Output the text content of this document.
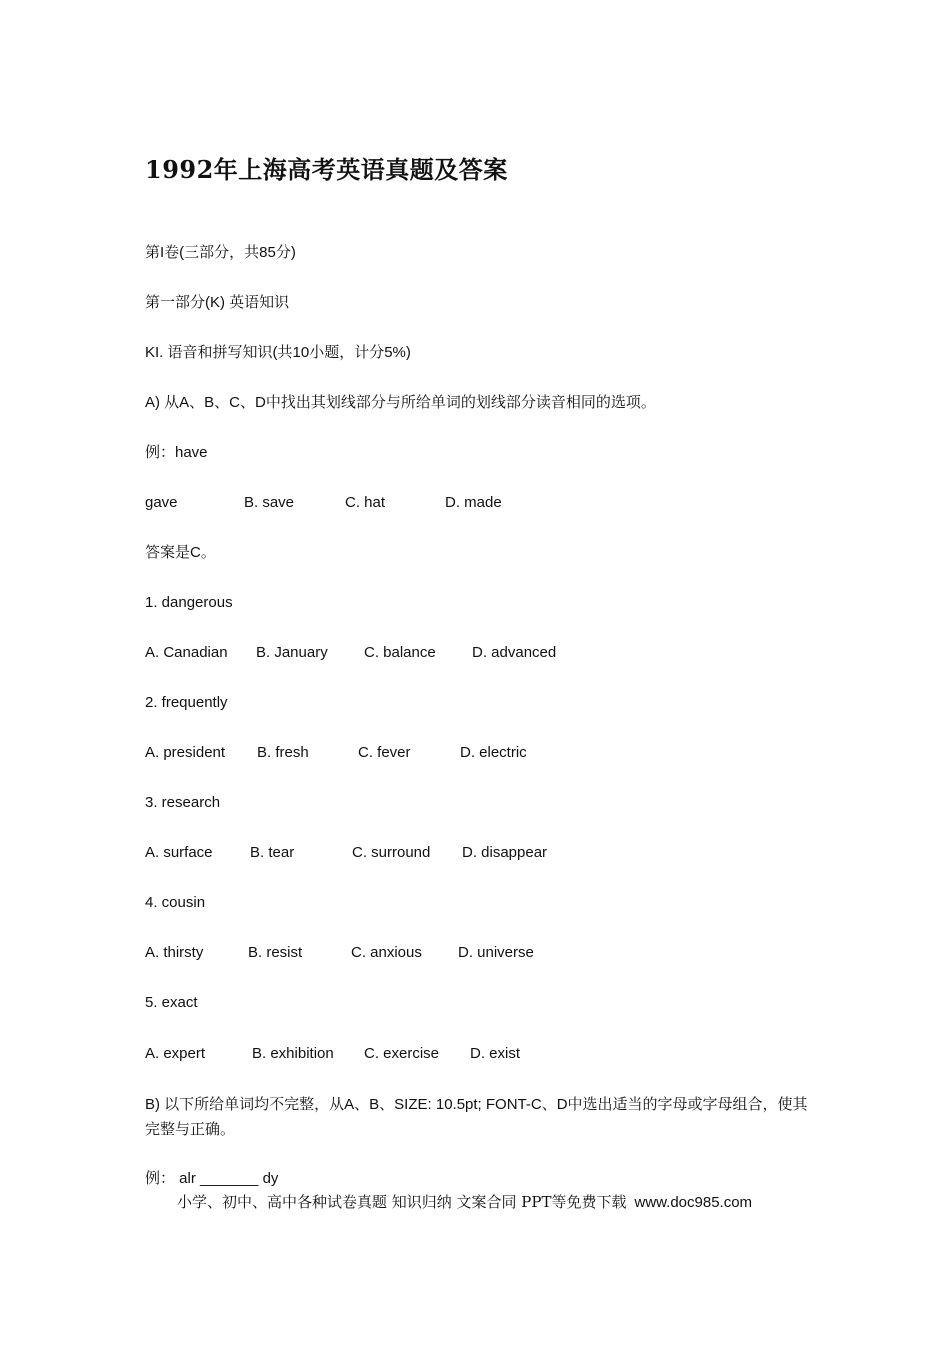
1992年上海高考英语真题及答案
第I卷(三部分，共85分)
第一部分(K) 英语知识
KI. 语音和拼写知识(共10小题，计分5%)
A) 从A、B、C、D中找出其划线部分与所给单词的划线部分读音相同的选项。
例：have
gave	B. save	C. hat	D. made
答案是C。
1. dangerous
A. Canadian B. January C. balance D. advanced
2. frequently
A. president B. fresh	C. fever	D. electric
3. research
A. surface B. tear	C. surround D. disappear
4. cousin
A. thirsty	B. resist	C. anxious D. universe
5. exact
A. expert	B. exhibition C. exercise D. exist
B) 以下所给单词均不完整，从A、B、SIZE: 10.5pt; FONT-C、D中选出适当的字母或字母组合，使其完整与正确。
例： alr _______ dy
小学、初中、高中各种试卷真题 知识归纳 文案合同 PPT等免费下载 www.doc985.com
